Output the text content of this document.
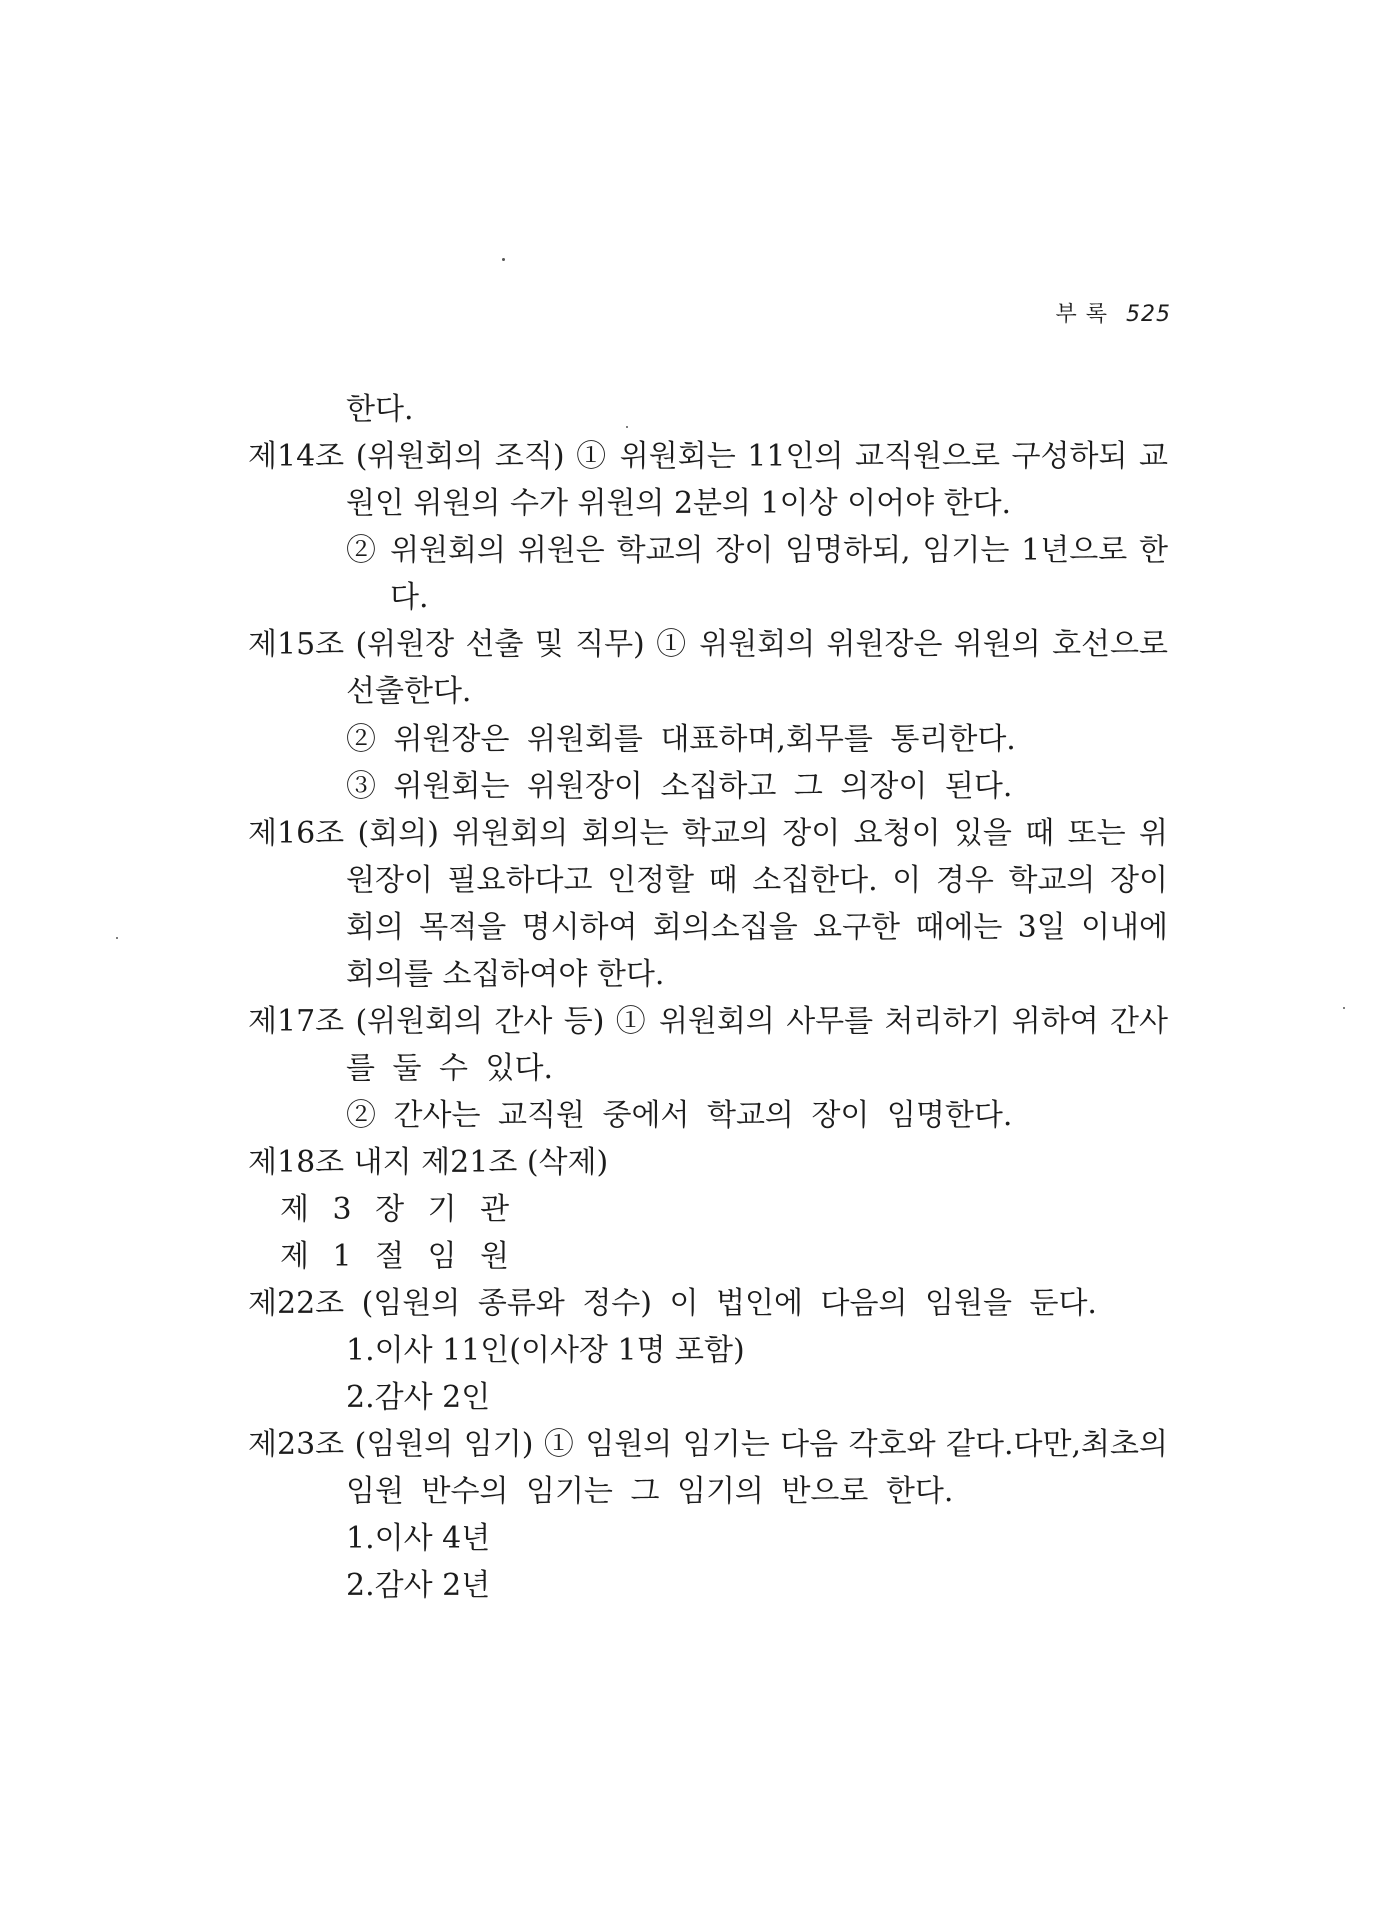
부 록 525
한다.
제14조 (위원회의 조직) ① 위원회는 11인의 교직원으로 구성하되 교
원인 위원의 수가 위원의 2분의 1이상 이어야 한다.
② 위원회의 위원은 학교의 장이 임명하되, 임기는 1년으로 한
다.
제15조 (위원장 선출 및 직무) ① 위원회의 위원장은 위원의 호선으로
선출한다.
② 위원장은 위원회를 대표하며,회무를 통리한다.
③ 위원회는 위원장이 소집하고 그 의장이 된다.
제16조 (회의) 위원회의 회의는 학교의 장이 요청이 있을 때 또는 위
원장이 필요하다고 인정할 때 소집한다. 이 경우 학교의 장이
회의 목적을 명시하여 회의소집을 요구한 때에는 3일 이내에
회의를 소집하여야 한다.
제17조 (위원회의 간사 등) ① 위원회의 사무를 처리하기 위하여 간사
를 둘 수 있다.
② 간사는 교직원 중에서 학교의 장이 임명한다.
제18조 내지 제21조 (삭제)
제 3 장 기 관
제 1 절 임 원
제22조 (임원의 종류와 정수) 이 법인에 다음의 임원을 둔다.
1.이사 11인(이사장 1명 포함)
2.감사 2인
제23조 (임원의 임기) ① 임원의 임기는 다음 각호와 같다.다만,최초의
임원 반수의 임기는 그 임기의 반으로 한다.
1.이사 4년
2.감사 2년
